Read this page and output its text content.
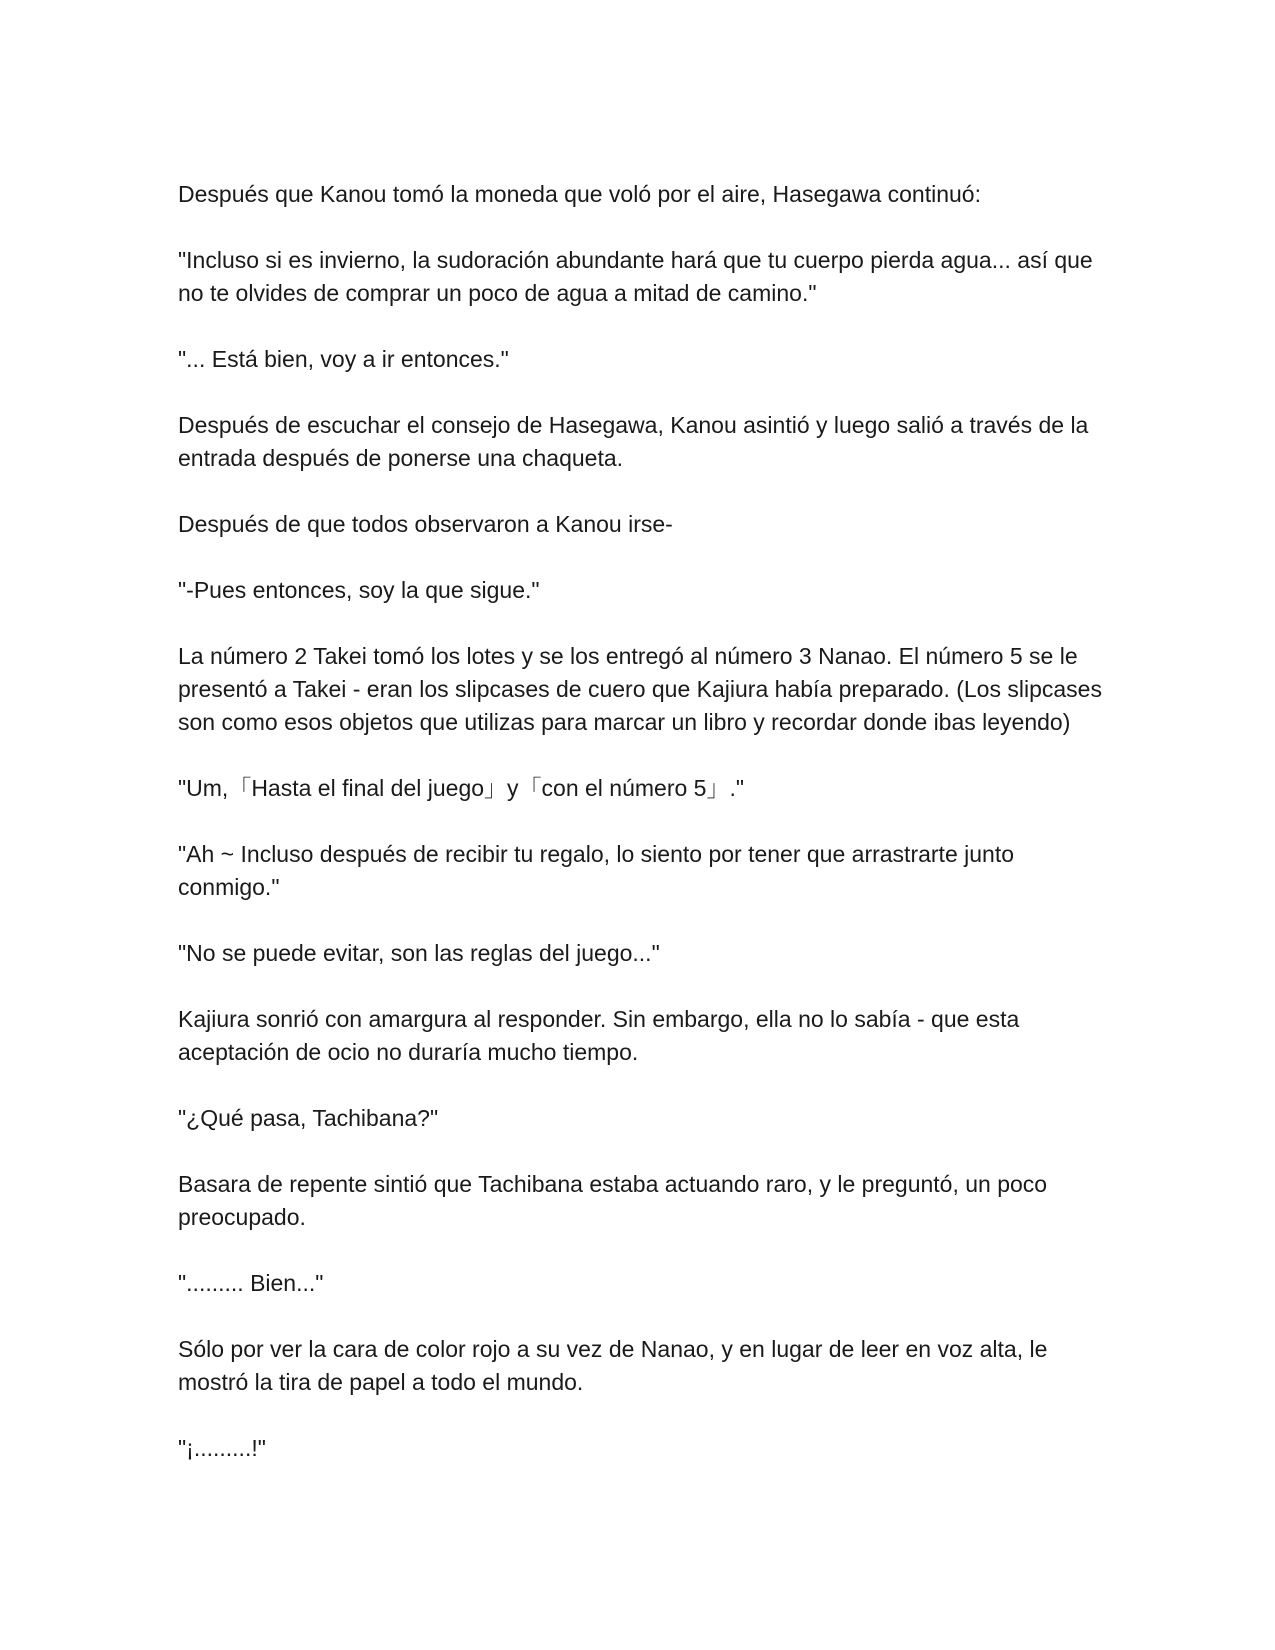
Después que Kanou tomó la moneda que voló por el aire, Hasegawa continuó:

"Incluso si es invierno, la sudoración abundante hará que tu cuerpo pierda agua... así que no te olvides de comprar un poco de agua a mitad de camino."

"... Está bien, voy a ir entonces."

Después de escuchar el consejo de Hasegawa, Kanou asintió y luego salió a través de la entrada después de ponerse una chaqueta.

Después de que todos observaron a Kanou irse-

"-Pues entonces, soy la que sigue."

La número 2 Takei tomó los lotes y se los entregó al número 3 Nanao. El número 5 se le presentó a Takei - eran los slipcases de cuero que Kajiura había preparado. (Los slipcases son como esos objetos que utilizas para marcar un libro y recordar donde ibas leyendo)

"Um,「Hasta el final del juego」y「con el número 5」."

"Ah ~ Incluso después de recibir tu regalo, lo siento por tener que arrastrarte junto conmigo."

"No se puede evitar, son las reglas del juego..."

Kajiura sonrió con amargura al responder. Sin embargo, ella no lo sabía - que esta aceptación de ocio no duraría mucho tiempo.

"¿Qué pasa, Tachibana?"

Basara de repente sintió que Tachibana estaba actuando raro, y le preguntó, un poco preocupado.

"......... Bien..."

Sólo por ver la cara de color rojo a su vez de Nanao, y en lugar de leer en voz alta, le mostró la tira de papel a todo el mundo.

"¡.........!"
